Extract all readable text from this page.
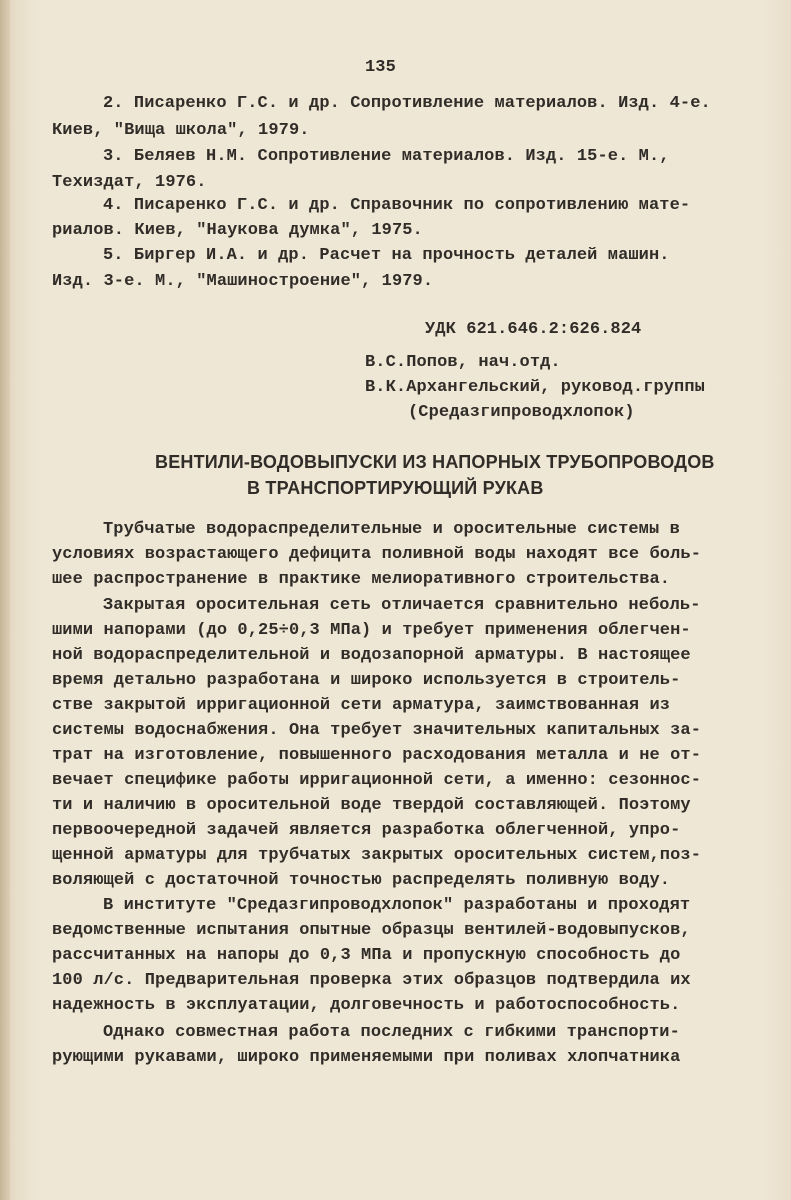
135
2. Писаренко Г.С. и др. Сопротивление материалов. Изд. 4-е.
Киев, "Вища школа", 1979.
3. Беляев Н.М. Сопротивление материалов. Изд. 15-е. М.,
Техиздат, 1976.
4. Писаренко Г.С. и др. Справочник по сопротивлению мате-
риалов. Киев, "Наукова думка", 1975.
5. Биргер И.А. и др. Расчет на прочность деталей машин.
Изд. 3-е. М., "Машиностроение", 1979.
УДК 621.646.2:626.824
В.С.Попов, нач.отд.
В.К.Архангельский, руковод.группы
(Средазгипроводхлопок)
ВЕНТИЛИ-ВОДОВЫПУСКИ ИЗ НАПОРНЫХ ТРУБОПРОВОДОВ
В ТРАНСПОРТИРУЮЩИЙ РУКАВ
Трубчатые водораспределительные и оросительные системы в
условиях возрастающего дефицита поливной воды находят все боль-
шее распространение в практике мелиоративного строительства.
Закрытая оросительная сеть отличается сравнительно неболь-
шими напорами (до 0,25÷0,3 МПа) и требует применения облегчен-
ной водораспределительной и водозапорной арматуры. В настоящее
время детально разработана и широко используется в строитель-
стве закрытой ирригационной сети арматура, заимствованная из
системы водоснабжения. Она требует значительных капитальных за-
трат на изготовление, повышенного расходования металла и не от-
вечает специфике работы ирригационной сети, а именно: сезоннос-
ти и наличию в оросительной воде твердой составляющей. Поэтому
первоочередной задачей является разработка облегченной, упро-
щенной арматуры для трубчатых закрытых оросительных систем,поз-
воляющей с достаточной точностью распределять поливную воду.
В институте "Средазгипроводхлопок" разработаны и проходят
ведомственные испытания опытные образцы вентилей-водовыпусков,
рассчитанных на напоры до 0,3 МПа и пропускную способность до
100 л/с. Предварительная проверка этих образцов подтвердила их
надежность в эксплуатации, долговечность и работоспособность.
Однако совместная работа последних с гибкими транспорти-
рующими рукавами, широко применяемыми при поливах хлопчатника
